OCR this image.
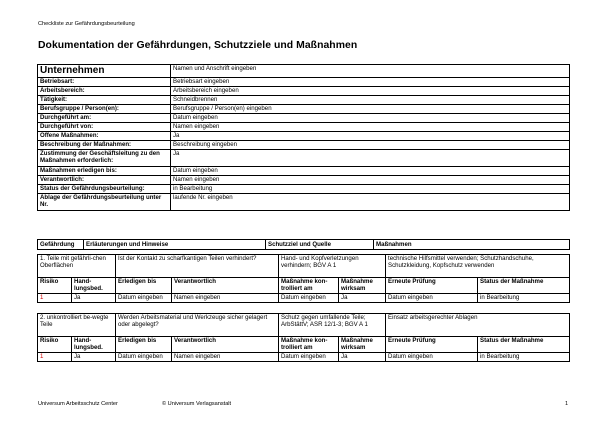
Checkliste zur Gefährdungsbeurteilung
Dokumentation der Gefährdungen, Schutzziele und Maßnahmen
Unternehmen	Namen und Anschrift eingeben
Betriebsart:	Betriebsart eingeben
Arbeitsbereich:	Arbeitsbereich eingeben
Tätigkeit:	Schneidbrennen
Berufsgruppe / Person(en):	Berufsgruppe / Person(en) eingeben
Durchgeführt am:	Datum eingeben
Durchgeführt von:	Namen eingeben
Offene Maßnahmen:	Ja
Beschreibung der Maßnahmen:	Beschreibung eingeben
Zustimmung der Geschäftsleitung zu den Maßnahmen erforderlich:	Ja
Maßnahmen erledigen bis:	Datum eingeben
Verantwortlich:	Namen eingeben
Status der Gefährdungsbeurteilung:	in Bearbeitung
Ablage der Gefährdungsbeurteilung unter Nr.	laufende Nr. eingeben
Gefährdung	Erläuterungen und Hinweise	Schutzziel und Quelle	Maßnahmen
1. Teile mit gefährli-chen Oberflächen		Ist der Kontakt zu scharfkantigen Teilen verhindert?		Hand- und Kopfverletzungen verhindern; BGV A 1		technische Hilfsmittel verwenden; Schutzhandschuhe, Schutzkleidung, Kopfschutz verwenden	
Risiko	Hand-lungsbed.	Erledigen bis	Verantwortlich	Maßnahme kon-trolliert am	Maßnahme wirksam	Erneute Prüfung	Status der Maßnahme
1	Ja	Datum eingeben	Namen eingeben	Datum eingeben	Ja	Datum eingeben	in Bearbeitung
2. unkontrolliert be-wegte Teile		Werden Arbeitsmaterial und Werkzeuge sicher gelagert oder abgelegt?		Schutz gegen umfallende Teile; ArbStättV; ASR 12/1-3; BGV A 1		Einsatz arbeitsgerechter Ablagen	
Risiko	Hand-lungsbed.	Erledigen bis	Verantwortlich	Maßnahme kon-trolliert am	Maßnahme wirksam	Erneute Prüfung	Status der Maßnahme
1	Ja	Datum eingeben	Namen eingeben	Datum eingeben	Ja	Datum eingeben	in Bearbeitung
Universum Arbeitsschutz Center	© Universum Verlagsanstalt	1
